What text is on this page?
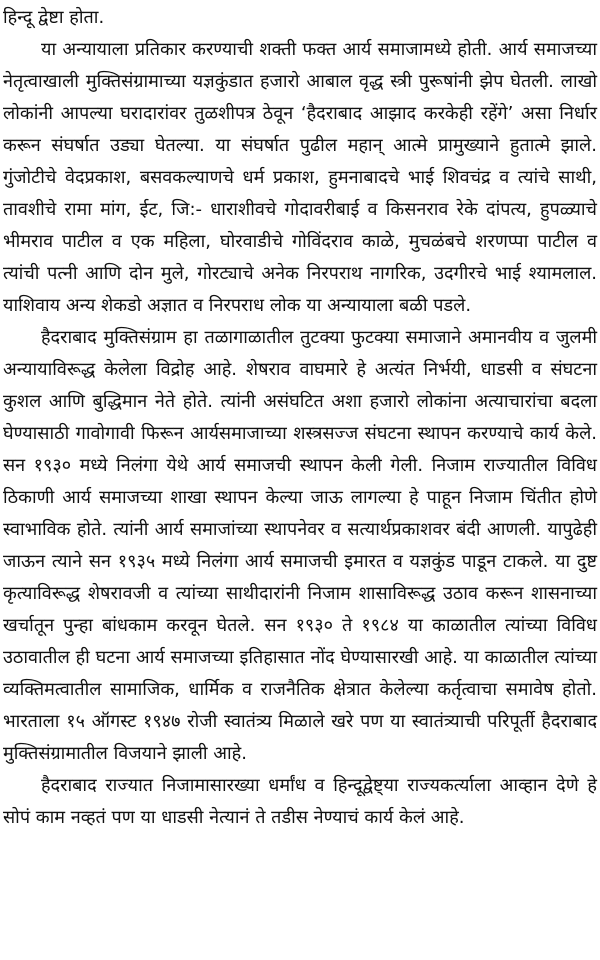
हिन्दू द्वेष्टा होता.

या अन्यायाला प्रतिकार करण्याची शक्ती फक्त आर्य समाजामध्ये होती. आर्य समाजच्या नेतृत्वाखाली मुक्तिसंग्रामाच्या यज्ञकुंडात हजारो आबाल वृद्ध स्त्री पुरूषांनी झेप घेतली. लाखो लोकांनी आपल्या घरादारांवर तुळशीपत्र ठेवून ‘हैदराबाद आझाद करकेही रहेंगे’ असा निर्धार करून संघर्षात उड्या घेतल्या. या संघर्षात पुढील महान् आत्मे प्रामुख्याने हुतात्मे झाले. गुंजोटीचे वेदप्रकाश, बसवकल्याणचे धर्म प्रकाश, हुमनाबादचे भाई शिवचंद्र व त्यांचे साथी, तावशीचे रामा मांग, ईट, जि:- धाराशीवचे गोदावरीबाई व किसनराव रेके दांपत्य, हुपळ्याचे भीमराव पाटील व एक महिला, घोरवाडीचे गोविंदराव काळे, मुचळंबचे शरणप्पा पाटील व त्यांची पत्नी आणि दोन मुले, गोरट्याचे अनेक निरपराथ नागरिक, उदगीरचे भाई श्यामलाल. याशिवाय अन्य शेकडो अज्ञात व निरपराध लोक या अन्यायाला बळी पडले.

हैदराबाद मुक्तिसंग्राम हा तळागाळातील तुटक्या फुटक्या समाजाने अमानवीय व जुलमी अन्यायाविरूद्ध केलेला विद्रोह आहे. शेषराव वाघमारे हे अत्यंत निर्भयी, धाडसी व संघटना कुशल आणि बुद्धिमान नेते होते. त्यांनी असंघटित अशा हजारो लोकांना अत्याचारांचा बदला घेण्यासाठी गावोगावी फिरून आर्यसमाजाच्या शस्त्रसज्ज संघटना स्थापन करण्याचे कार्य केले. सन १९३० मध्ये निलंगा येथे आर्य समाजची स्थापन केली गेली. निजाम राज्यातील विविध ठिकाणी आर्य समाजच्या शाखा स्थापन केल्या जाऊ लागल्या हे पाहून निजाम चिंतीत होणे स्वाभाविक होते. त्यांनी आर्य समाजांच्या स्थापनेवर व सत्यार्थप्रकाशवर बंदी आणली. यापुढेही जाऊन त्याने सन १९३५ मध्ये निलंगा आर्य समाजची इमारत व यज्ञकुंड पाडून टाकले. या दुष्ट कृत्याविरूद्ध शेषरावजी व त्यांच्या साथीदारांनी निजाम शासाविरूद्ध उठाव करून शासनाच्या खर्चातून पुन्हा बांधकाम करवून घेतले. सन १९३० ते १९८४ या काळातील त्यांच्या विविध उठावातील ही घटना आर्य समाजच्या इतिहासात नोंद घेण्यासारखी आहे. या काळातील त्यांच्या व्यक्तिमत्वातील सामाजिक, धार्मिक व राजनैतिक क्षेत्रात केलेल्या कर्तृत्वाचा समावेष होतो. भारताला १५ ऑगस्ट १९४७ रोजी स्वातंत्र्य मिळाले खरे पण या स्वातंत्र्याची परिपूर्ती हैदराबाद मुक्तिसंग्रामातील विजयाने झाली आहे.

हैदराबाद राज्यात निजामासारख्या धर्मांध व हिन्दूद्वेष्ट्या राज्यकर्त्याला आव्हान देणे हे सोपं काम नव्हतं पण या धाडसी नेत्यानं ते तडीस नेण्याचं कार्य केलं आहे.
